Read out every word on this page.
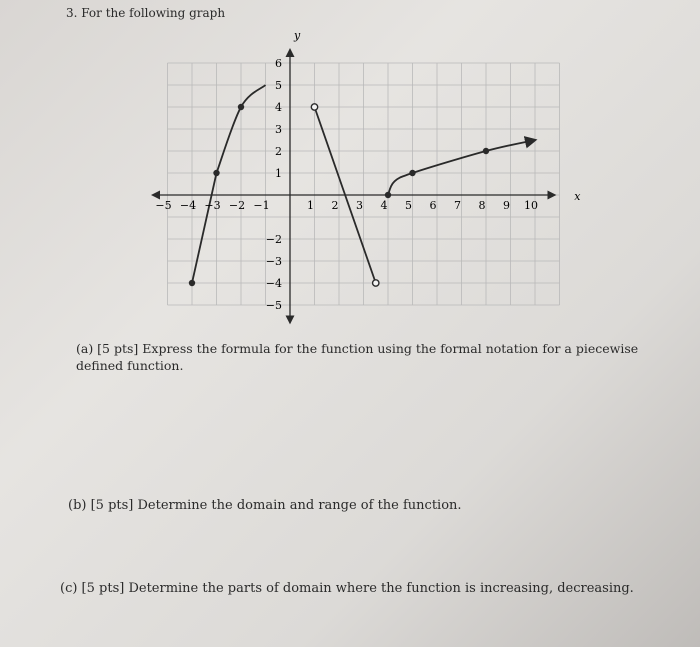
3. For the following graph
x
y
−5 −4 −3 −2 −1	1 2 3 4 5 6 7 8 9 10
6
5
4
3
2
1
−2
−3
−4
−5
(a) [5 pts] Express the formula for the function using the formal notation for a piecewise defined function.
(b) [5 pts] Determine the domain and range of the function.
(c) [5 pts] Determine the parts of domain where the function is increasing, decreasing.
